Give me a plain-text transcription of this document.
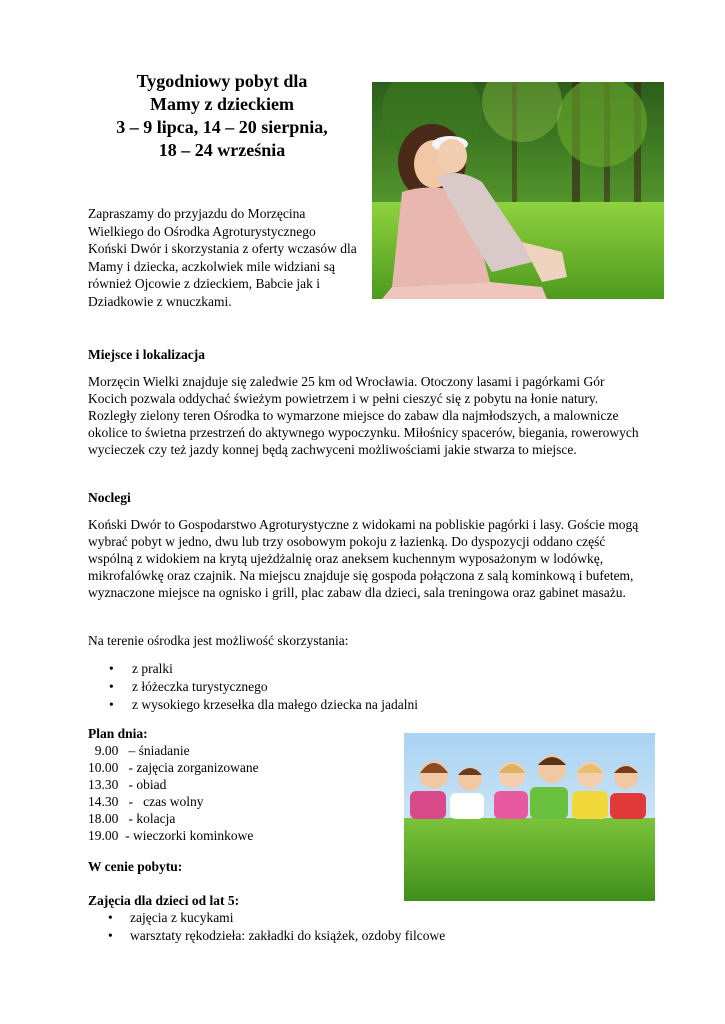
Tygodniowy pobyt dla
Mamy z dzieckiem
3 – 9 lipca, 14 – 20 sierpnia,
18 – 24 września
Zapraszamy do przyjazdu do Morzęcina Wielkiego do Ośrodka Agroturystycznego Koński Dwór i skorzystania z oferty wczasów dla Mamy i dziecka, aczkolwiek mile widziani są również Ojcowie z dzieckiem, Babcie jak i Dziadkowie z wnuczkami.
Miejsce i lokalizacja
Morzęcin Wielki znajduje się zaledwie 25 km od Wrocławia. Otoczony lasami i pagórkami Gór Kocich pozwala oddychać świeżym powietrzem i w pełni cieszyć się z pobytu na łonie natury. Rozległy zielony teren Ośrodka to wymarzone miejsce do zabaw dla najmłodszych, a malownicze okolice to świetna przestrzeń do aktywnego wypoczynku. Miłośnicy spacerów, biegania, rowerowych wycieczek czy też jazdy konnej będą zachwyceni możliwościami jakie stwarza to miejsce.
Noclegi
Koński Dwór to Gospodarstwo Agroturystyczne z widokami na pobliskie pagórki i lasy. Goście mogą wybrać pobyt w jedno, dwu lub trzy osobowym pokoju z łazienką. Do dyspozycji oddano część wspólną z widokiem na krytą ujeżdżalnię oraz aneksem kuchennym wyposażonym w lodówkę, mikrofalówkę oraz czajnik. Na miejscu znajduje się gospoda połączona z salą kominkową i bufetem, wyznaczone miejsce na ognisko i grill, plac zabaw dla dzieci, sala treningowa oraz gabinet masażu.
Na terenie ośrodka jest możliwość skorzystania:
• z pralki
• z łóżeczka turystycznego
• z wysokiego krzesełka dla małego dziecka na jadalni
Plan dnia:
9.00   – śniadanie
10.00   - zajęcia zorganizowane
13.30   - obiad
14.30   -   czas wolny
18.00   - kolacja
19.00  - wieczorki kominkowe
W cenie pobytu:
Zajęcia dla dzieci od lat 5:
• zajęcia z kucykami
• warsztaty rękodzieła: zakładki do książek, ozdoby filcowe
